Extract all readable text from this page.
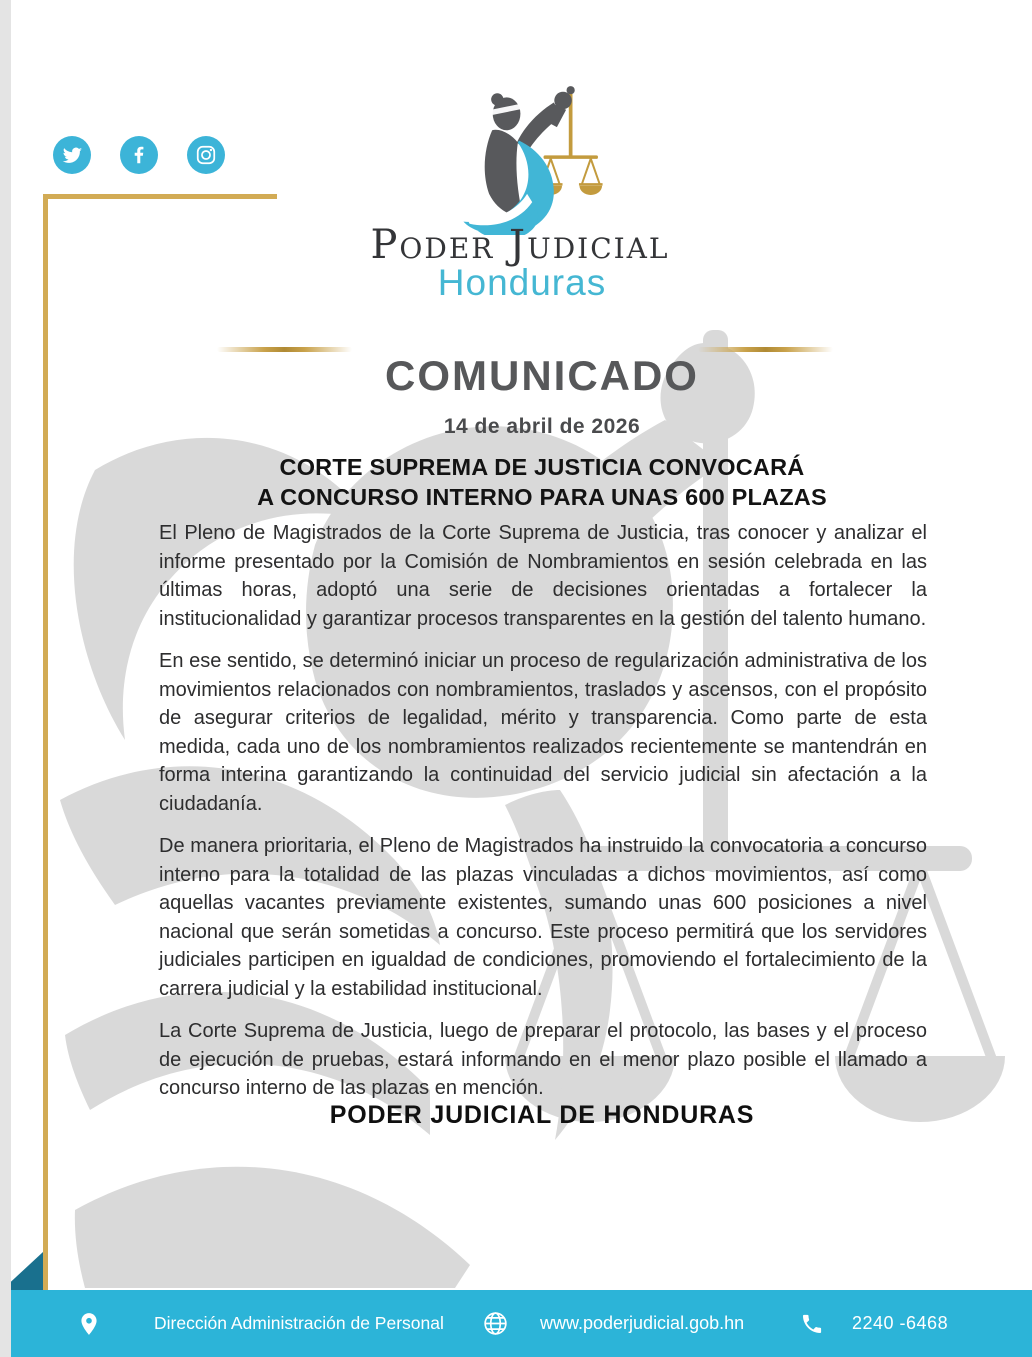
Poder Judicial
Honduras
COMUNICADO
14 de abril de 2026
CORTE SUPREMA DE JUSTICIA CONVOCARÁ
A CONCURSO INTERNO PARA UNAS 600 PLAZAS

El Pleno de Magistrados de la Corte Suprema de Justicia, tras conocer y analizar el informe presentado por la Comisión de Nombramientos en sesión celebrada en las últimas horas, adoptó una serie de decisiones orientadas a fortalecer la institucionalidad y garantizar procesos transparentes en la gestión del talento humano.

En ese sentido, se determinó iniciar un proceso de regularización administrativa de los movimientos relacionados con nombramientos, traslados y ascensos, con el propósito de asegurar criterios de legalidad, mérito y transparencia. Como parte de esta medida, cada uno de los nombramientos realizados recientemente se mantendrán en forma interina garantizando la continuidad del servicio judicial sin afectación a la ciudadanía.

De manera prioritaria, el Pleno de Magistrados ha instruido la convocatoria a concurso interno para la totalidad de las plazas vinculadas a dichos movimientos, así como aquellas vacantes previamente existentes, sumando unas 600 posiciones a nivel nacional que serán sometidas a concurso. Este proceso permitirá que los servidores judiciales participen en igualdad de condiciones, promoviendo el fortalecimiento de la carrera judicial y la estabilidad institucional.

La Corte Suprema de Justicia, luego de preparar el protocolo, las bases y el proceso de ejecución de pruebas, estará informando en el menor plazo posible el llamado a concurso interno de las plazas en mención.

PODER JUDICIAL DE HONDURAS
Dirección Administración de Personal	www.poderjudicial.gob.hn	2240 -6468
